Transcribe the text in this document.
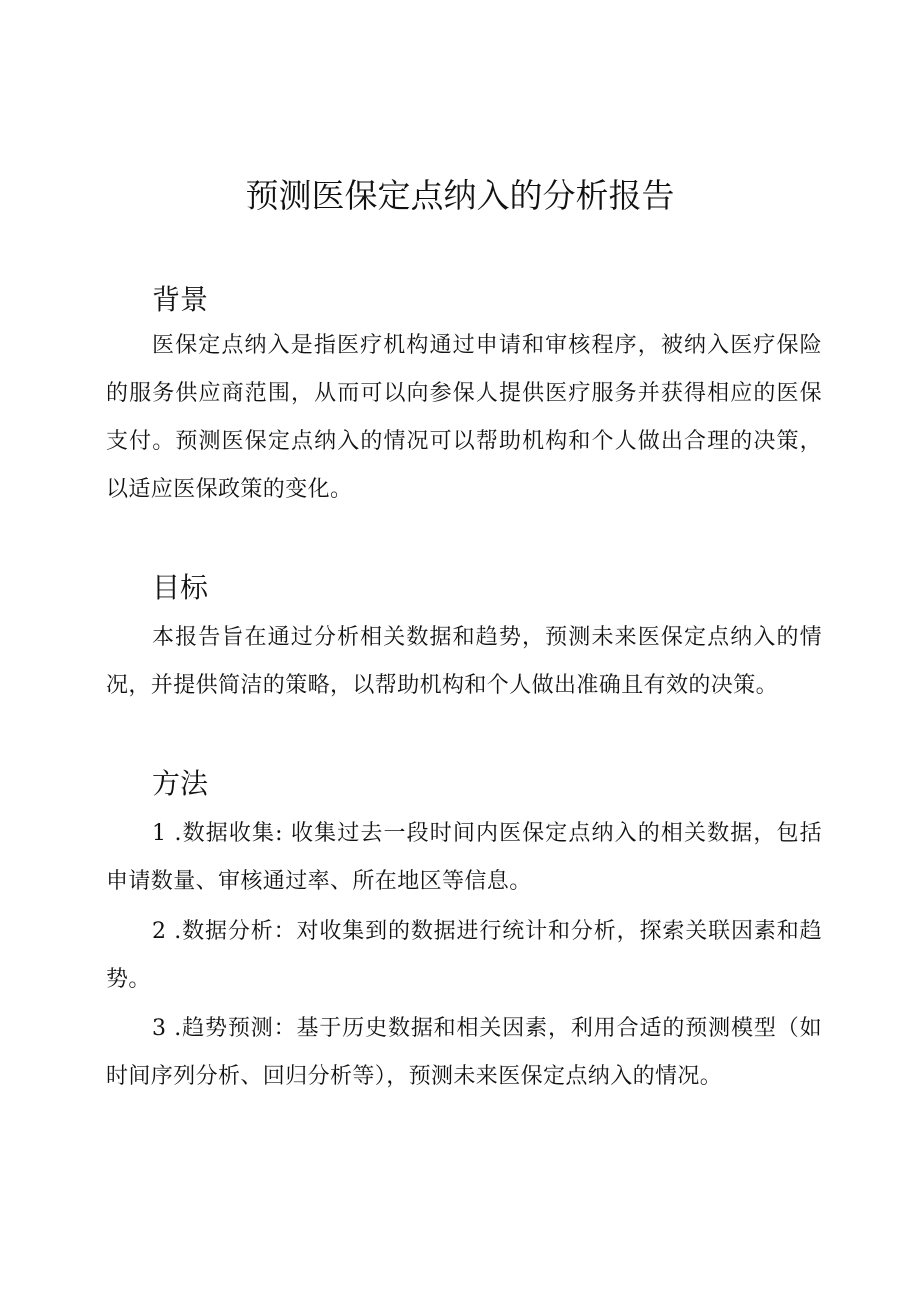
预测医保定点纳入的分析报告
背景

医保定点纳入是指医疗机构通过申请和审核程序，被纳入医疗保险的服务供应商范围，从而可以向参保人提供医疗服务并获得相应的医保支付。预测医保定点纳入的情况可以帮助机构和个人做出合理的决策，以适应医保政策的变化。

目标

本报告旨在通过分析相关数据和趋势，预测未来医保定点纳入的情况，并提供简洁的策略，以帮助机构和个人做出准确且有效的决策。

方法

1 .数据收集: 收集过去一段时间内医保定点纳入的相关数据，包括申请数量、审核通过率、所在地区等信息。

2 .数据分析：对收集到的数据进行统计和分析，探索关联因素和趋势。

3 .趋势预测：基于历史数据和相关因素，利用合适的预测模型（如时间序列分析、回归分析等），预测未来医保定点纳入的情况。
